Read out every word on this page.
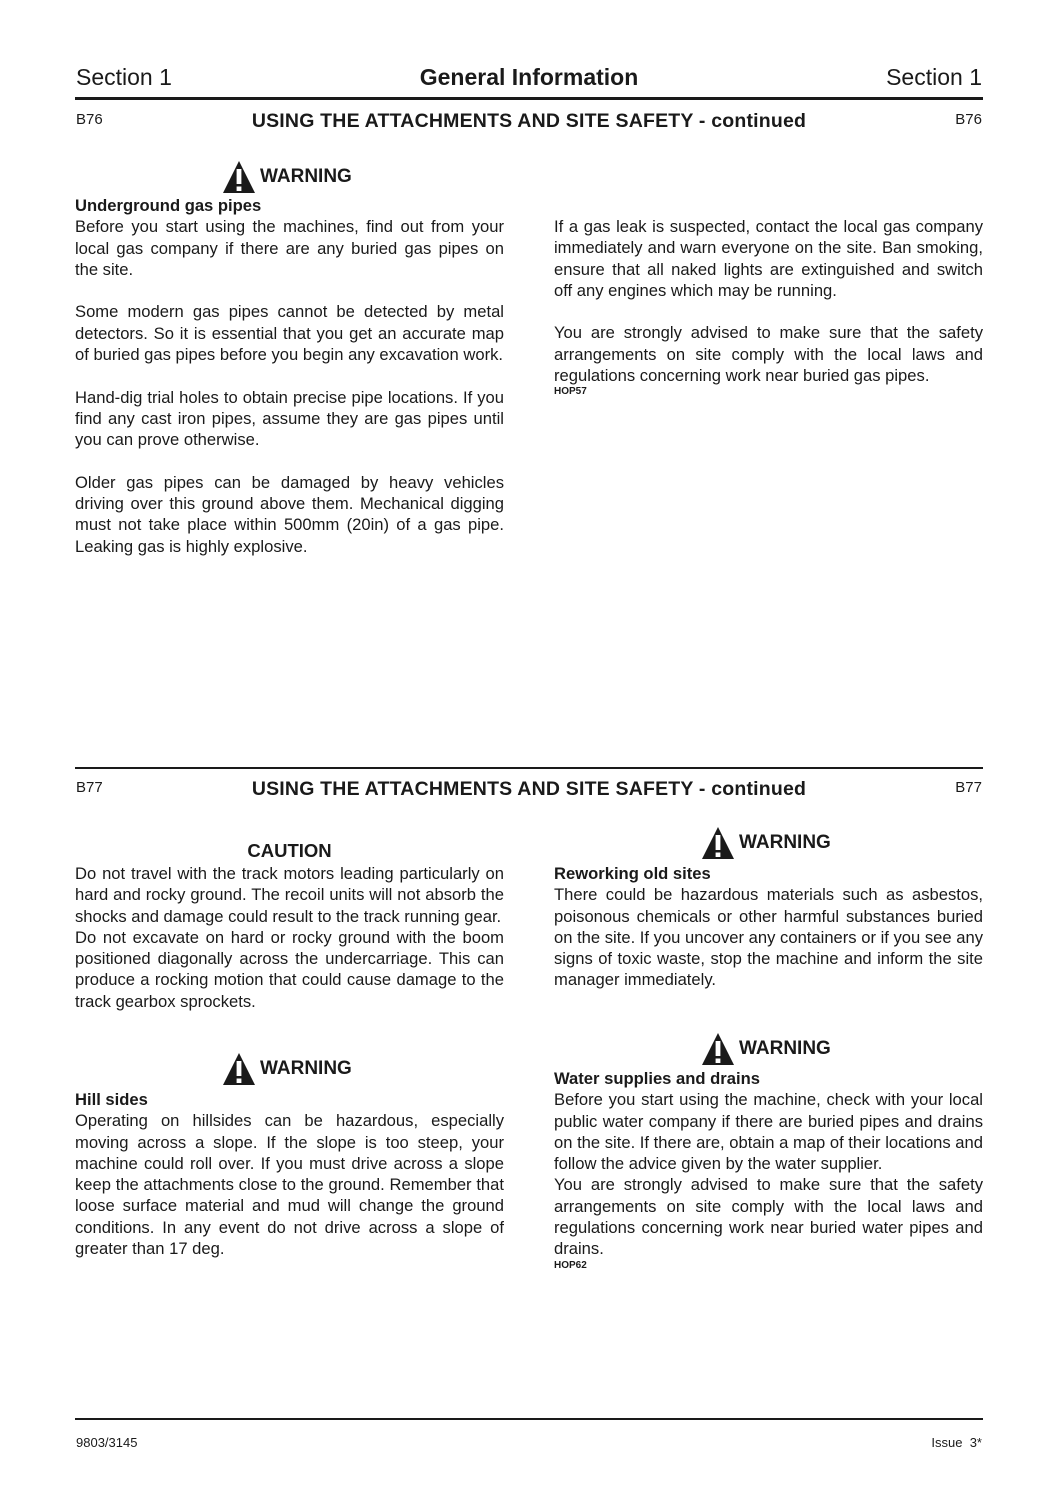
Section 1	General Information	Section 1
B76	USING THE ATTACHMENTS AND SITE SAFETY - continued	B76
WARNING

Underground gas pipes

Before you start using the machines, find out from your local gas company if there are any buried gas pipes on the site.

Some modern gas pipes cannot be detected by metal detectors. So it is essential that you get an accurate map of buried gas pipes before you begin any excavation work.

Hand-dig trial holes to obtain precise pipe locations. If you find any cast iron pipes, assume they are gas pipes until you can prove otherwise.

Older gas pipes can be damaged by heavy vehicles driving over this ground above them. Mechanical digging must not take place within 500mm (20in) of a gas pipe. Leaking gas is highly explosive.

If a gas leak is suspected, contact the local gas company immediately and warn everyone on the site. Ban smoking, ensure that all naked lights are extinguished and switch off any engines which may be running.

You are strongly advised to make sure that the safety arrangements on site comply with the local laws and regulations concerning work near buried gas pipes.

HOP57
B77	USING THE ATTACHMENTS AND SITE SAFETY - continued	B77
CAUTION

Do not travel with the track motors leading particularly on hard and rocky ground. The recoil units will not absorb the shocks and damage could result to the track running gear.

Do not excavate on hard or rocky ground with the boom positioned diagonally across the undercarriage. This can produce a rocking motion that could cause damage to the track gearbox sprockets.

WARNING

Hill sides

Operating on hillsides can be hazardous, especially moving across a slope. If the slope is too steep, your machine could roll over. If you must drive across a slope keep the attachments close to the ground. Remember that loose surface material and mud will change the ground conditions. In any event do not drive across a slope of greater than 17 deg.

WARNING

Reworking old sites

There could be hazardous materials such as asbestos, poisonous chemicals or other harmful substances buried on the site. If you uncover any containers or if you see any signs of toxic waste, stop the machine and inform the site manager immediately.

WARNING

Water supplies and drains

Before you start using the machine, check with your local public water company if there are buried pipes and drains on the site. If there are, obtain a map of their locations and follow the advice given by the water supplier.

You are strongly advised to make sure that the safety arrangements on site comply with the local laws and regulations concerning work near buried water pipes and drains.

HOP62
9803/3145	Issue  3*
